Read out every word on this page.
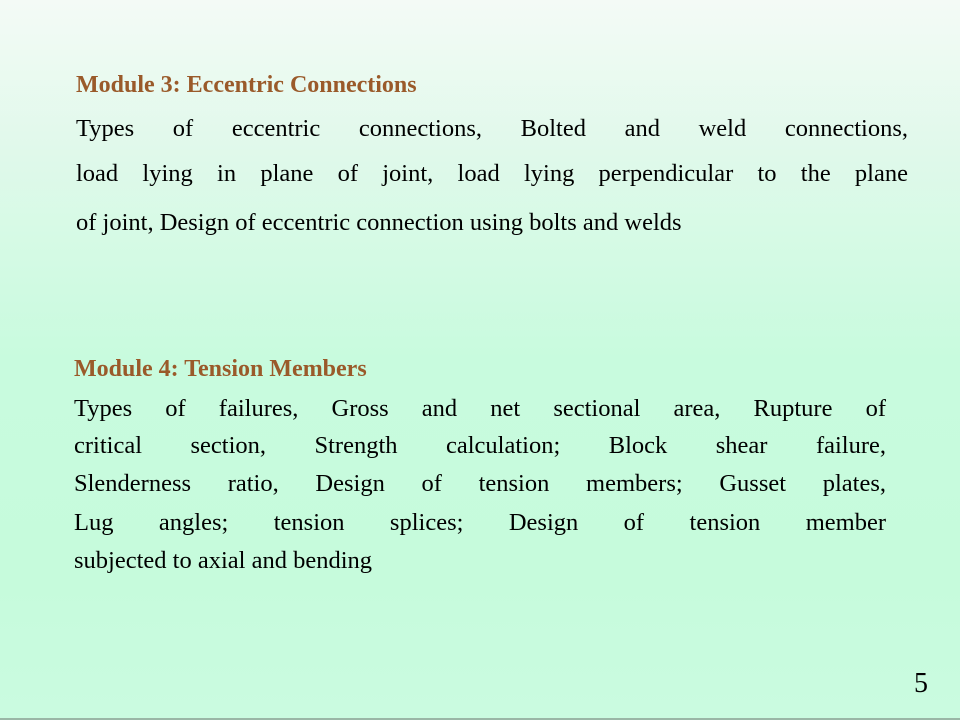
Module 3: Eccentric Connections

Types of eccentric connections, Bolted and weld connections,

load lying in plane of joint, load lying perpendicular to the plane

of joint, Design of eccentric connection using bolts and welds

Module 4: Tension Members

Types of failures, Gross and net sectional area, Rupture of

critical section, Strength calculation; Block shear failure,

Slenderness ratio, Design of tension members; Gusset plates,

Lug angles; tension splices; Design of tension member

subjected to axial and bending

5
